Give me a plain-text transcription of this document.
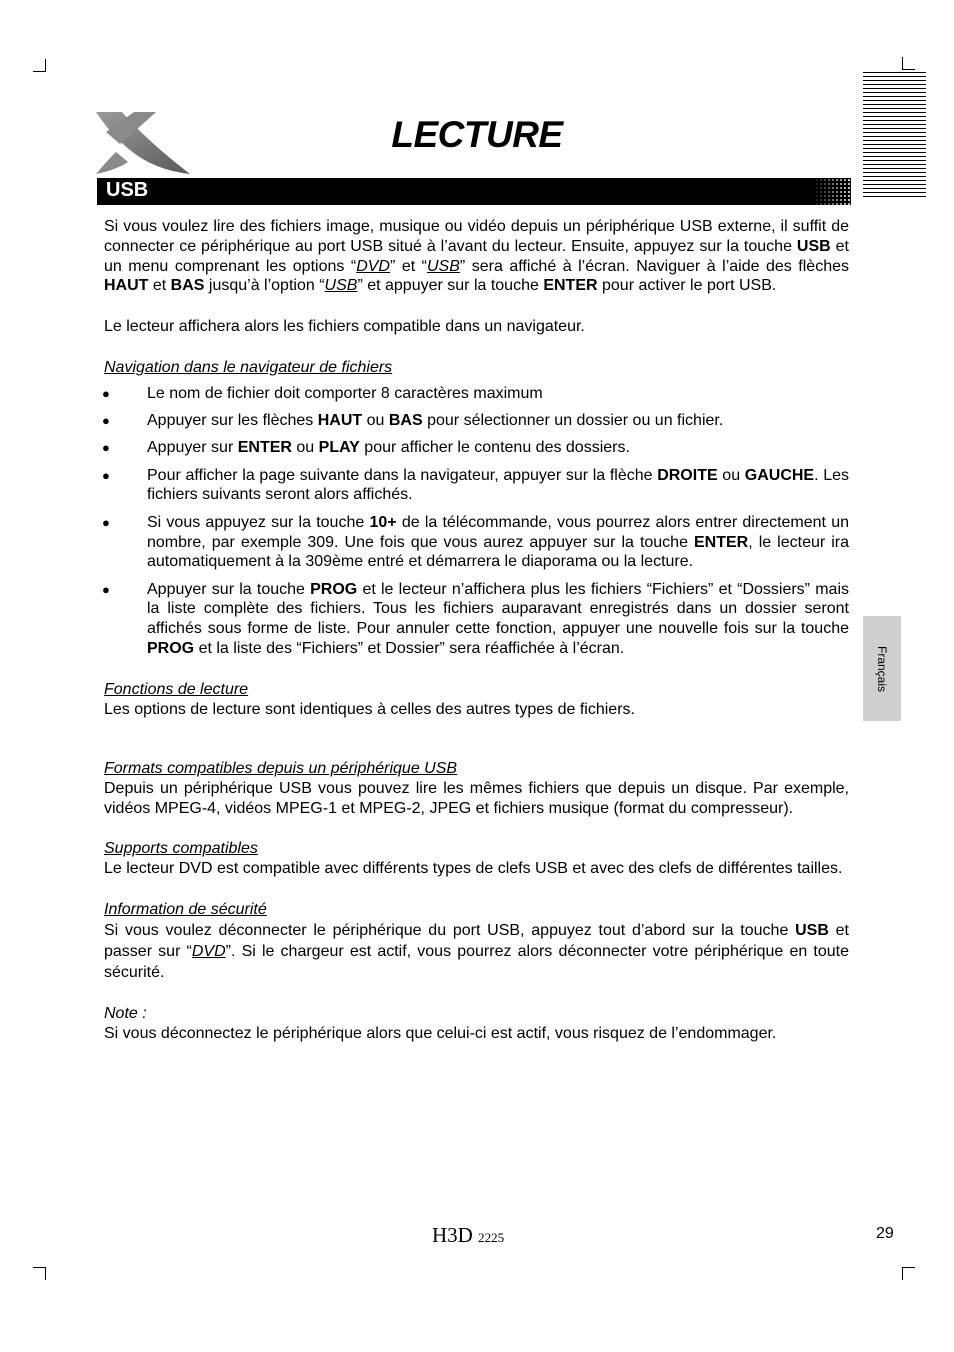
LECTURE
USB

Si vous voulez lire des fichiers image, musique ou vidéo depuis un périphérique USB externe, il suffit de connecter ce périphérique au port USB situé à l’avant du lecteur. Ensuite, appuyez sur la touche USB et un menu comprenant les options “DVD” et “USB” sera affiché à l’écran. Naviguer à l’aide des flèches HAUT et BAS jusqu’à l’option “USB” et appuyer sur la touche ENTER pour activer le port USB.

Le lecteur affichera alors les fichiers compatible dans un navigateur.

Navigation dans le navigateur de fichiers

● Le nom de fichier doit comporter 8 caractères maximum
● Appuyer sur les flèches HAUT ou BAS pour sélectionner un dossier ou un fichier.
● Appuyer sur ENTER ou PLAY pour afficher le contenu des dossiers.
● Pour afficher la page suivante dans la navigateur, appuyer sur la flèche DROITE ou GAUCHE. Les fichiers suivants seront alors affichés.
● Si vous appuyez sur la touche 10+ de la télécommande, vous pourrez alors entrer directement un nombre, par exemple 309. Une fois que vous aurez appuyer sur la touche ENTER, le lecteur ira automatiquement à la 309ème entré et démarrera le diaporama ou la lecture.
● Appuyer sur la touche PROG et le lecteur n’affichera plus les fichiers “Fichiers” et “Dossiers” mais la liste complète des fichiers. Tous les fichiers auparavant enregistrés dans un dossier seront affichés sous forme de liste. Pour annuler cette fonction, appuyer une nouvelle fois sur la touche PROG et la liste des “Fichiers” et Dossier” sera réaffichée à l’écran.

Fonctions de lecture

Les options de lecture sont identiques à celles des autres types de fichiers.

Formats compatibles depuis un périphérique USB

Depuis un périphérique USB vous pouvez lire les mêmes fichiers que depuis un disque. Par exemple, vidéos MPEG-4, vidéos MPEG-1 et MPEG-2, JPEG et fichiers musique (format du compresseur).

Supports compatibles

Le lecteur DVD est compatible avec différents types de clefs USB et avec des clefs de différentes tailles.

Information de sécurité

Si vous voulez déconnecter le périphérique du port USB, appuyez tout d’abord sur la touche USB et passer sur “DVD”. Si le chargeur est actif, vous pourrez alors déconnecter votre périphérique en toute sécurité.

Note :

Si vous déconnectez le périphérique alors que celui-ci est actif, vous risquez de l’endommager.

Français
H3D 2225	29
